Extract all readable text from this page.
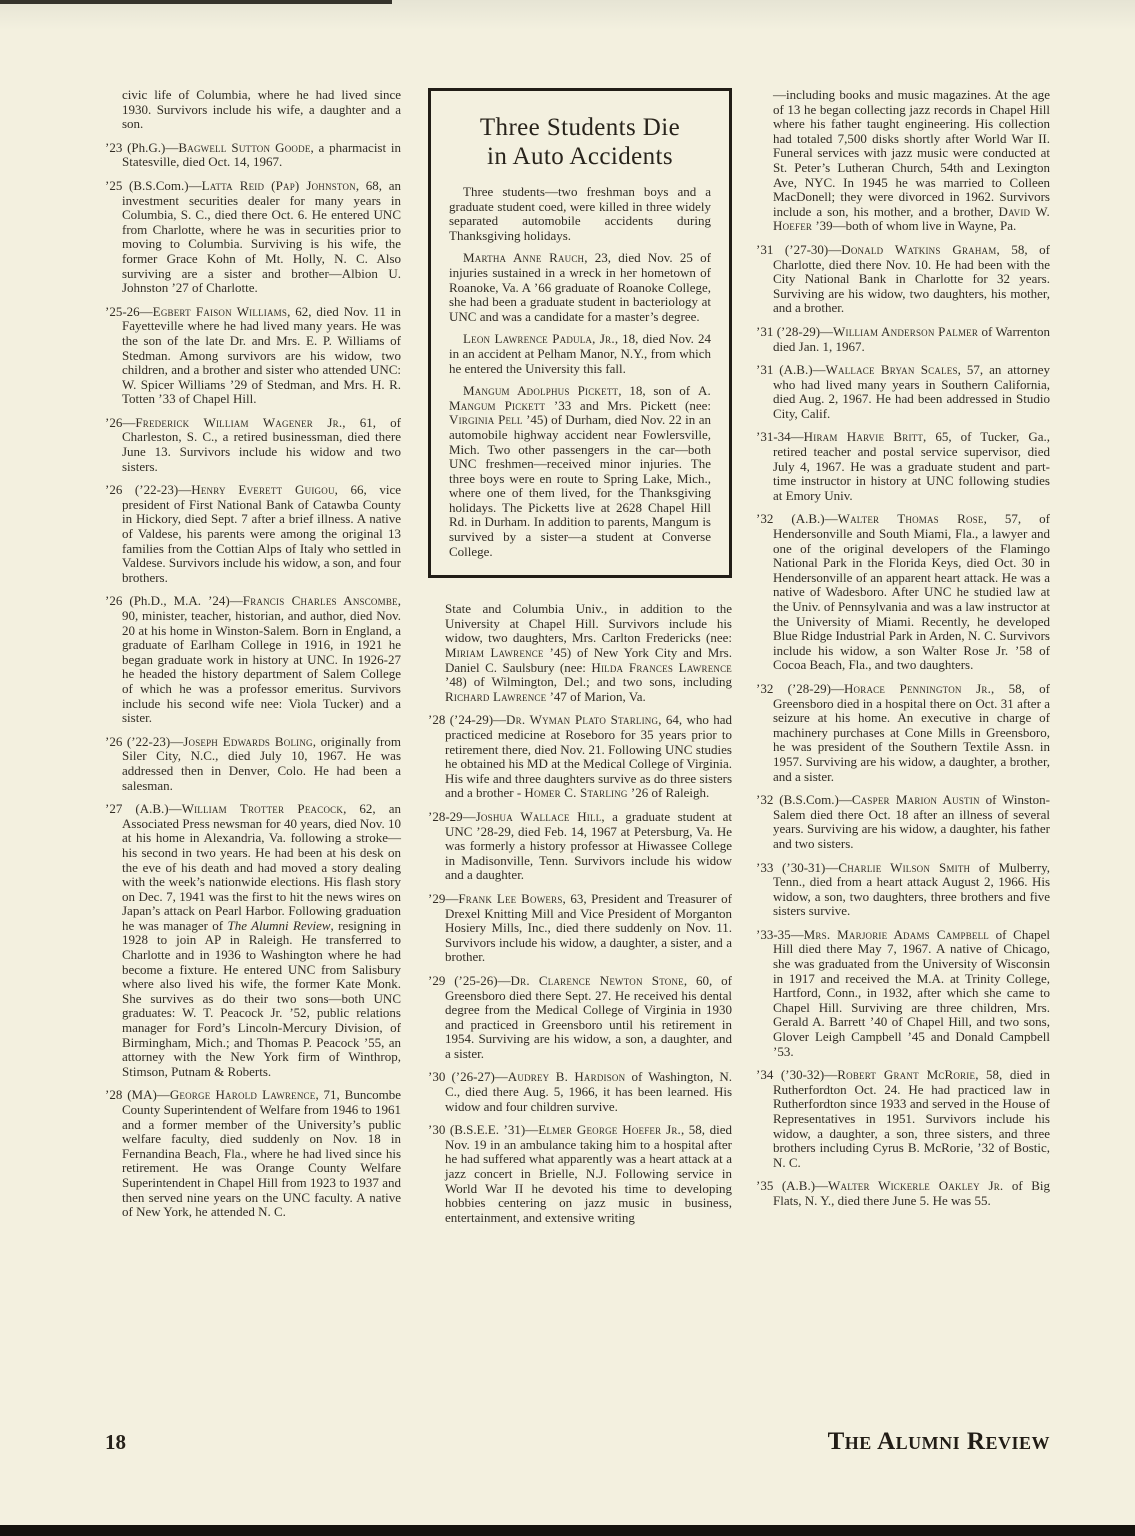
civic life of Columbia, where he had lived since 1930. Survivors include his wife, a daughter and a son.

’23 (Ph.G.)—Bagwell Sutton Goode, a pharmacist in Statesville, died Oct. 14, 1967.

’25 (B.S.Com.)—Latta Reid (Pap) Johnston, 68, an investment securities dealer for many years in Columbia, S. C., died there Oct. 6. He entered UNC from Charlotte, where he was in securities prior to moving to Columbia. Surviving is his wife, the former Grace Kohn of Mt. Holly, N. C. Also surviving are a sister and brother—Albion U. Johnston ’27 of Charlotte.

’25-26—Egbert Faison Williams, 62, died Nov. 11 in Fayetteville where he had lived many years. He was the son of the late Dr. and Mrs. E. P. Williams of Stedman. Among survivors are his widow, two children, and a brother and sister who attended UNC: W. Spicer Williams ’29 of Stedman, and Mrs. H. R. Totten ’33 of Chapel Hill.

’26—Frederick William Wagener Jr., 61, of Charleston, S. C., a retired businessman, died there June 13. Survivors include his widow and two sisters.

’26 (’22-23)—Henry Everett Guigou, 66, vice president of First National Bank of Catawba County in Hickory, died Sept. 7 after a brief illness. A native of Valdese, his parents were among the original 13 families from the Cottian Alps of Italy who settled in Valdese. Survivors include his widow, a son, and four brothers.

’26 (Ph.D., M.A. ’24)—Francis Charles Anscombe, 90, minister, teacher, historian, and author, died Nov. 20 at his home in Winston-Salem. Born in England, a graduate of Earlham College in 1916, in 1921 he began graduate work in history at UNC. In 1926-27 he headed the history department of Salem College of which he was a professor emeritus. Survivors include his second wife nee: Viola Tucker) and a sister.

’26 (’22-23)—Joseph Edwards Boling, originally from Siler City, N.C., died July 10, 1967. He was addressed then in Denver, Colo. He had been a salesman.

’27 (A.B.)—William Trotter Peacock, 62, an Associated Press newsman for 40 years, died Nov. 10 at his home in Alexandria, Va. following a stroke—his second in two years. He had been at his desk on the eve of his death and had moved a story dealing with the week’s nationwide elections. His flash story on Dec. 7, 1941 was the first to hit the news wires on Japan’s attack on Pearl Harbor. Following graduation he was manager of The Alumni Review, resigning in 1928 to join AP in Raleigh. He transferred to Charlotte and in 1936 to Washington where he had become a fixture. He entered UNC from Salisbury where also lived his wife, the former Kate Monk. She survives as do their two sons—both UNC graduates: W. T. Peacock Jr. ’52, public relations manager for Ford’s Lincoln-Mercury Division, of Birmingham, Mich.; and Thomas P. Peacock ’55, an attorney with the New York firm of Winthrop, Stimson, Putnam & Roberts.

’28 (MA)—George Harold Lawrence, 71, Buncombe County Superintendent of Welfare from 1946 to 1961 and a former member of the University’s public welfare faculty, died suddenly on Nov. 18 in Fernandina Beach, Fla., where he had lived since his retirement. He was Orange County Welfare Superintendent in Chapel Hill from 1923 to 1937 and then served nine years on the UNC faculty. A native of New York, he attended N. C.

Three Students Die
in Auto Accidents

Three students—two freshman boys and a graduate student coed, were killed in three widely separated automobile accidents during Thanksgiving holidays.

Martha Anne Rauch, 23, died Nov. 25 of injuries sustained in a wreck in her hometown of Roanoke, Va. A ’66 graduate of Roanoke College, she had been a graduate student in bacteriology at UNC and was a candidate for a master’s degree.

Leon Lawrence Padula, Jr., 18, died Nov. 24 in an accident at Pelham Manor, N.Y., from which he entered the University this fall.

Mangum Adolphus Pickett, 18, son of A. Mangum Pickett ’33 and Mrs. Pickett (nee: Virginia Pell ’45) of Durham, died Nov. 22 in an automobile highway accident near Fowlersville, Mich. Two other passengers in the car—both UNC freshmen—received minor injuries. The three boys were en route to Spring Lake, Mich., where one of them lived, for the Thanksgiving holidays. The Picketts live at 2628 Chapel Hill Rd. in Durham. In addition to parents, Mangum is survived by a sister—a student at Converse College.

State and Columbia Univ., in addition to the University at Chapel Hill. Survivors include his widow, two daughters, Mrs. Carlton Fredericks (nee: Miriam Lawrence ’45) of New York City and Mrs. Daniel C. Saulsbury (nee: Hilda Frances Lawrence ’48) of Wilmington, Del.; and two sons, including Richard Lawrence ’47 of Marion, Va.

’28 (’24-29)—Dr. Wyman Plato Starling, 64, who had practiced medicine at Roseboro for 35 years prior to retirement there, died Nov. 21. Following UNC studies he obtained his MD at the Medical College of Virginia. His wife and three daughters survive as do three sisters and a brother - Homer C. Starling ’26 of Raleigh.

’28-29—Joshua Wallace Hill, a graduate student at UNC ’28-29, died Feb. 14, 1967 at Petersburg, Va. He was formerly a history professor at Hiwassee College in Madisonville, Tenn. Survivors include his widow and a daughter.

’29—Frank Lee Bowers, 63, President and Treasurer of Drexel Knitting Mill and Vice President of Morganton Hosiery Mills, Inc., died there suddenly on Nov. 11. Survivors include his widow, a daughter, a sister, and a brother.

’29 (’25-26)—Dr. Clarence Newton Stone, 60, of Greensboro died there Sept. 27. He received his dental degree from the Medical College of Virginia in 1930 and practiced in Greensboro until his retirement in 1954. Surviving are his widow, a son, a daughter, and a sister.

’30 (’26-27)—Audrey B. Hardison of Washington, N. C., died there Aug. 5, 1966, it has been learned. His widow and four children survive.

’30 (B.S.E.E. ’31)—Elmer George Hoefer Jr., 58, died Nov. 19 in an ambulance taking him to a hospital after he had suffered what apparently was a heart attack at a jazz concert in Brielle, N.J. Following service in World War II he devoted his time to developing hobbies centering on jazz music in business, entertainment, and extensive writing

—including books and music magazines. At the age of 13 he began collecting jazz records in Chapel Hill where his father taught engineering. His collection had totaled 7,500 disks shortly after World War II. Funeral services with jazz music were conducted at St. Peter’s Lutheran Church, 54th and Lexington Ave, NYC. In 1945 he was married to Colleen MacDonell; they were divorced in 1962. Survivors include a son, his mother, and a brother, David W. Hoefer ’39—both of whom live in Wayne, Pa.

’31 (’27-30)—Donald Watkins Graham, 58, of Charlotte, died there Nov. 10. He had been with the City National Bank in Charlotte for 32 years. Surviving are his widow, two daughters, his mother, and a brother.

’31 (’28-29)—William Anderson Palmer of Warrenton died Jan. 1, 1967.

’31 (A.B.)—Wallace Bryan Scales, 57, an attorney who had lived many years in Southern California, died Aug. 2, 1967. He had been addressed in Studio City, Calif.

’31-34—Hiram Harvie Britt, 65, of Tucker, Ga., retired teacher and postal service supervisor, died July 4, 1967. He was a graduate student and part-time instructor in history at UNC following studies at Emory Univ.

’32 (A.B.)—Walter Thomas Rose, 57, of Hendersonville and South Miami, Fla., a lawyer and one of the original developers of the Flamingo National Park in the Florida Keys, died Oct. 30 in Hendersonville of an apparent heart attack. He was a native of Wadesboro. After UNC he studied law at the Univ. of Pennsylvania and was a law instructor at the University of Miami. Recently, he developed Blue Ridge Industrial Park in Arden, N. C. Survivors include his widow, a son Walter Rose Jr. ’58 of Cocoa Beach, Fla., and two daughters.

’32 (’28-29)—Horace Pennington Jr., 58, of Greensboro died in a hospital there on Oct. 31 after a seizure at his home. An executive in charge of machinery purchases at Cone Mills in Greensboro, he was president of the Southern Textile Assn. in 1957. Surviving are his widow, a daughter, a brother, and a sister.

’32 (B.S.Com.)—Casper Marion Austin of Winston-Salem died there Oct. 18 after an illness of several years. Surviving are his widow, a daughter, his father and two sisters.

’33 (’30-31)—Charlie Wilson Smith of Mulberry, Tenn., died from a heart attack August 2, 1966. His widow, a son, two daughters, three brothers and five sisters survive.

’33-35—Mrs. Marjorie Adams Campbell of Chapel Hill died there May 7, 1967. A native of Chicago, she was graduated from the University of Wisconsin in 1917 and received the M.A. at Trinity College, Hartford, Conn., in 1932, after which she came to Chapel Hill. Surviving are three children, Mrs. Gerald A. Barrett ’40 of Chapel Hill, and two sons, Glover Leigh Campbell ’45 and Donald Campbell ’53.

’34 (’30-32)—Robert Grant McRorie, 58, died in Rutherfordton Oct. 24. He had practiced law in Rutherfordton since 1933 and served in the House of Representatives in 1951. Survivors include his widow, a daughter, a son, three sisters, and three brothers including Cyrus B. McRorie, ’32 of Bostic, N. C.

’35 (A.B.)—Walter Wickerle Oakley Jr. of Big Flats, N. Y., died there June 5. He was 55.

18	The Alumni Review
